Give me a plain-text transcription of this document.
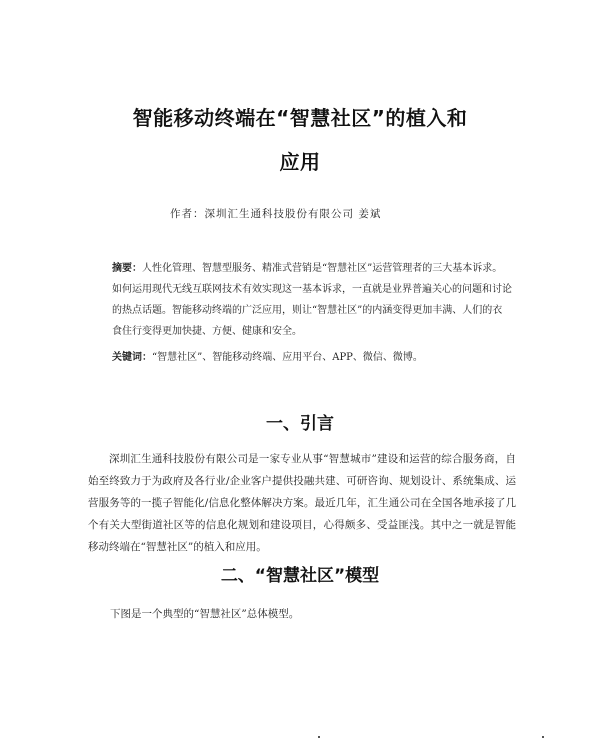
智能移动终端在“智慧社区”的植入和
应用
作者：深圳汇生通科技股份有限公司 姜斌

摘要：人性化管理、智慧型服务、精准式营销是“智慧社区”运营管理者的三大基本诉求。如何运用现代无线互联网技术有效实现这一基本诉求，一直就是业界普遍关心的问题和讨论的热点话题。智能移动终端的广泛应用，则让“智慧社区”的内涵变得更加丰满、人们的衣食住行变得更加快捷、方便、健康和安全。

关键词：“智慧社区”、智能移动终端、应用平台、APP、微信、微博。

一、引言

深圳汇生通科技股份有限公司是一家专业从事“智慧城市”建设和运营的综合服务商，自始至终致力于为政府及各行业/企业客户提供投融共建、可研咨询、规划设计、系统集成、运营服务等的一揽子智能化/信息化整体解决方案。最近几年，汇生通公司在全国各地承接了几个有关大型街道社区等的信息化规划和建设项目，心得颇多、受益匪浅。其中之一就是智能移动终端在“智慧社区”的植入和应用。

二、“智慧社区”模型

下图是一个典型的“智慧社区”总体模型。
